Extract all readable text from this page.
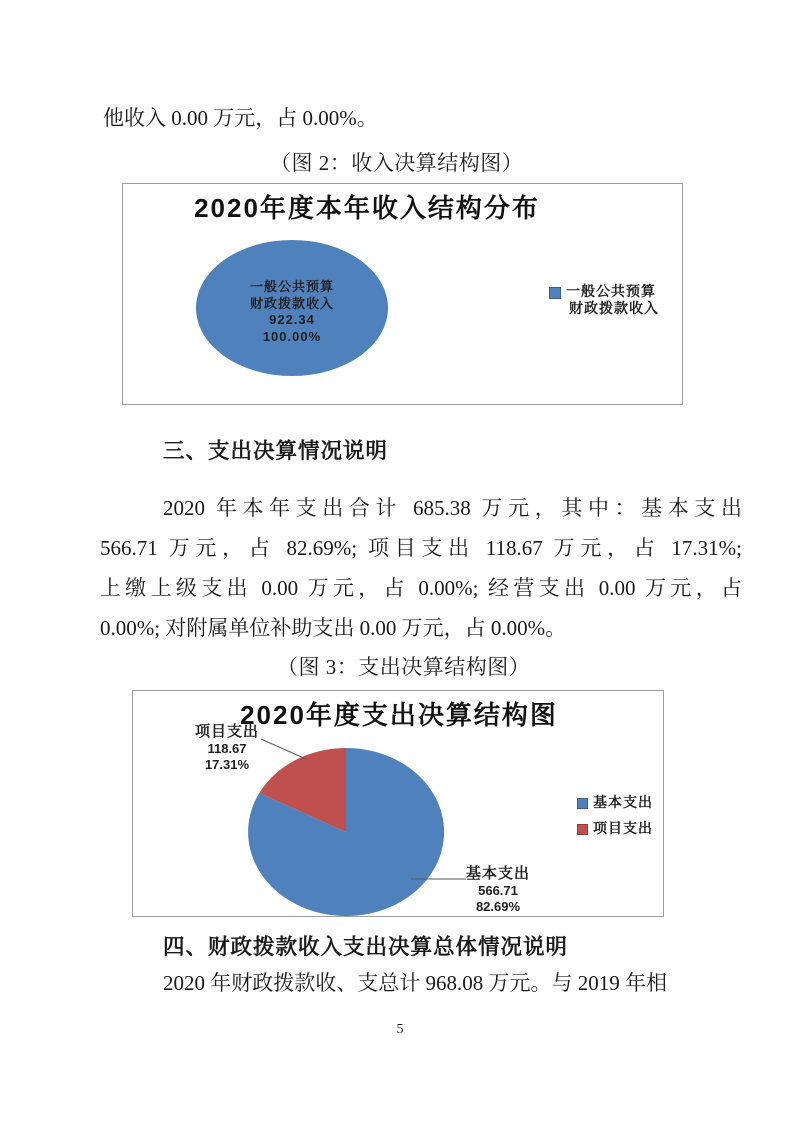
他收入 0.00 万元，占 0.00%。
（图 2：收入决算结构图）
2020年度本年收入结构分布
一般公共预算
财政拨款收入
922.34
100.00%
一般公共预算
财政拨款收入
三、支出决算情况说明
2020 年本年支出合计 685.38 万元，其中：基本支出
566.71 万元，占 82.69%; 项目支出 118.67 万元，占 17.31%;
上缴上级支出 0.00 万元，占 0.00%; 经营支出 0.00 万元，占
0.00%; 对附属单位补助支出 0.00 万元，占 0.00%。
（图 3：支出决算结构图）
2020年度支出决算结构图
项目支出
118.67
17.31%
基本支出
566.71
82.69%
基本支出
项目支出
四、财政拨款收入支出决算总体情况说明
2020 年财政拨款收、支总计 968.08 万元。与 2019 年相
5
